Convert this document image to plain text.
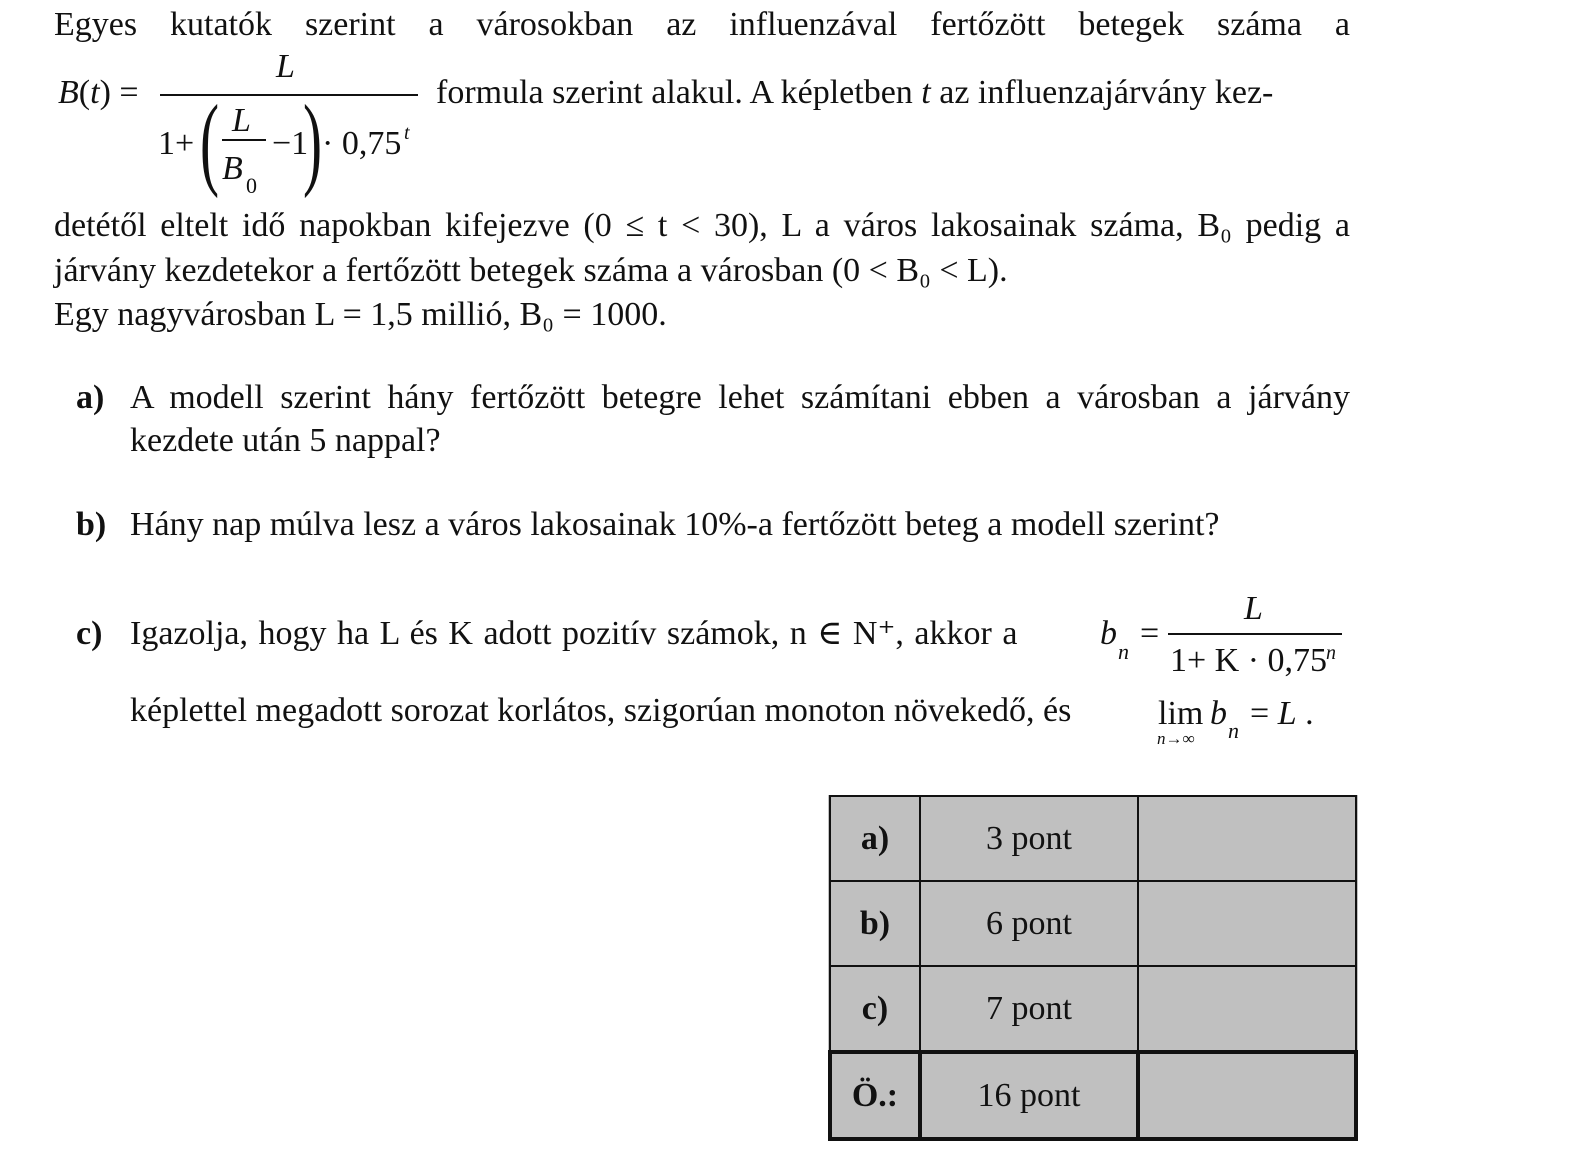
Egyes kutatók szerint a városokban az influenzával fertőzött betegek száma a
B(t) =
L
1+ ( L
B 0
−1
) · 0,75 t
formula szerint alakul. A képletben t az influenzajárvány kez-
detétől eltelt idő napokban kifejezve (0 ≤ t < 30), L a város lakosainak száma, B₀ pedig a
járvány kezdetekor a fertőzött betegek száma a városban (0 < B₀ < L).
Egy nagyvárosban L = 1,5 millió, B₀ = 1000.
a) A modell szerint hány fertőzött betegre lehet számítani ebben a városban a járvány
kezdete után 5 nappal?
b) Hány nap múlva lesz a város lakosainak 10%-a fertőzött beteg a modell szerint?
c) Igazolja, hogy ha L és K adott pozitív számok, n ∈ N⁺, akkor a b n =
L
1+ K · 0,75
n
képlettel megadott sorozat korlátos, szigorúan monoton növekedő, és	lim
n→∞
b n = L .
a)	3 pont	
b)	6 pont	
c)	7 pont	
Ö.:	16 pont	
